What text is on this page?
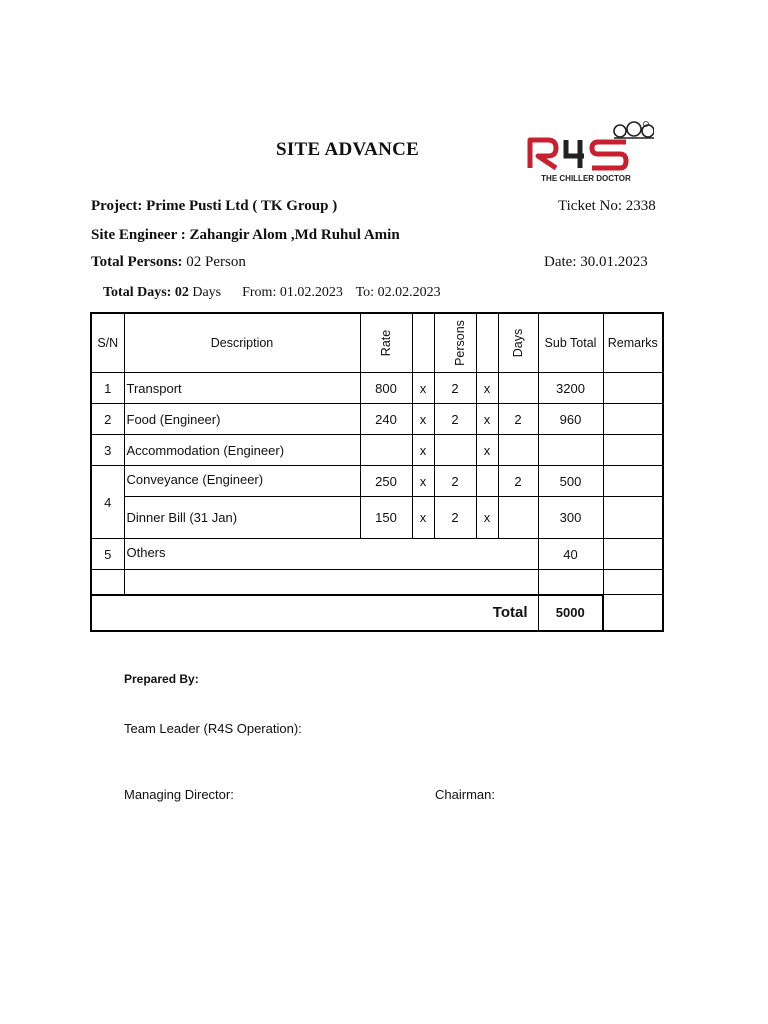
SITE ADVANCE
THE CHILLER DOCTOR
Project: Prime Pusti Ltd ( TK Group )	Ticket No: 2338
Site Engineer : Zahangir Alom ,Md Ruhul Amin
Total Persons: 02 Person	Date: 30.01.2023
Total Days: 02 Days From: 01.02.2023 To: 02.02.2023
S/N	Description	Rate		Persons		Days	Sub Total	Remarks
1	Transport	800	x	2	x		3200	
2	Food (Engineer)	240	x	2	x	2	960	
3	Accommodation (Engineer)		x		x			
4	Conveyance (Engineer)	250	x	2		2	500	
	Dinner Bill (31 Jan)	150	x	2	x		300	
5	Others						40	

Total							5000	
Prepared By:
Team Leader (R4S Operation):
Managing Director:	Chairman:
